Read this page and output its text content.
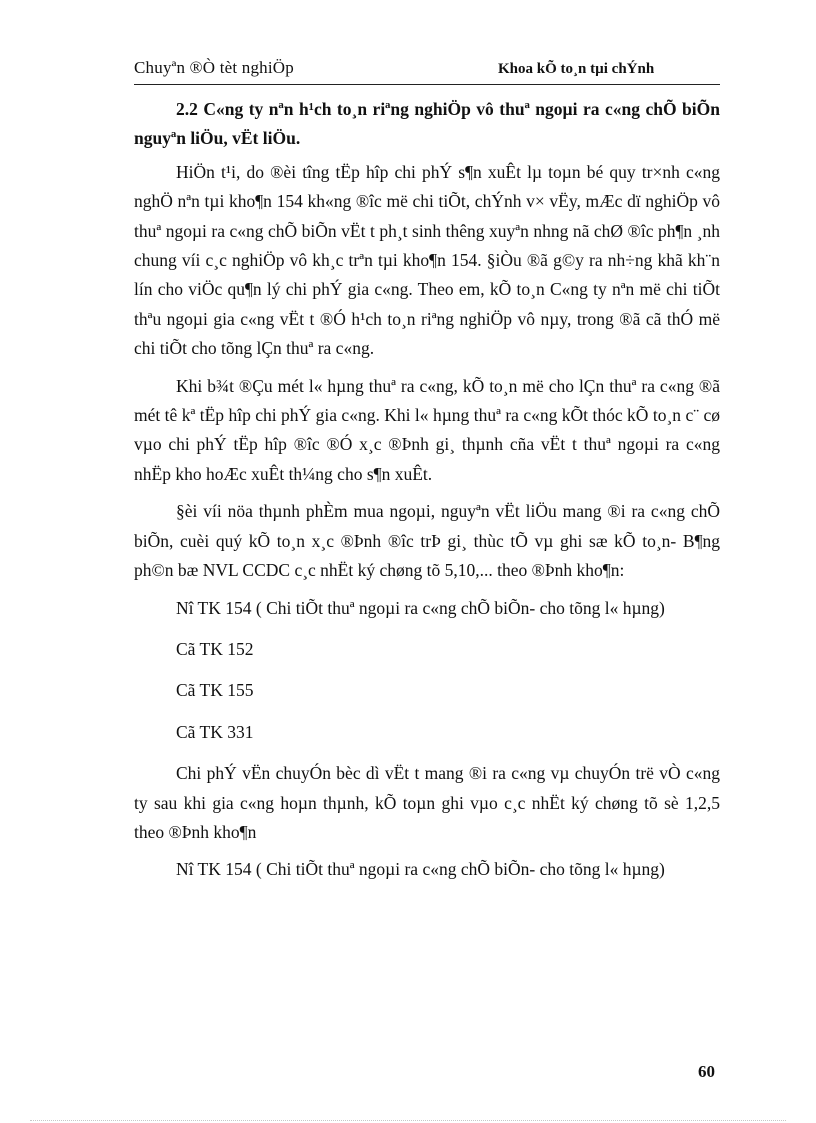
Chuyªn ®Ò tèt nghiÖp	Khoa kÕ to¸n tµi chÝnh

2.2 C«ng ty nªn h¹ch to¸n riªng nghiÖp vô thuª ngoµi ra c«ng chÕ biÕn nguyªn liÖu, vËt liÖu.

HiÖn t¹i, do ®èi tîng tËp hîp chi phÝ s¶n xuÊt lµ toµn bé quy tr×nh c«ng nghÖ nªn tµi kho¶n 154 kh«ng ®îc më chi tiÕt, chÝnh v× vËy, mÆc dï nghiÖp vô thuª ngoµi ra c«ng chÕ biÕn vËt t ph¸t sinh thêng xuyªn nhng nã chØ ®îc ph¶n ¸nh chung víi c¸c nghiÖp vô kh¸c trªn tµi kho¶n 154. §iÒu ®ã g©y ra nh÷ng khã kh¨n lín cho viÖc qu¶n lý chi phÝ gia c«ng. Theo em, kÕ to¸n C«ng ty nªn më chi tiÕt thªu ngoµi gia c«ng vËt t ®Ó h¹ch to¸n riªng nghiÖp vô nµy, trong ®ã cã thÓ më chi tiÕt cho tõng lÇn thuª ra c«ng.

Khi b¾t ®Çu mét l« hµng thuª ra c«ng, kÕ to¸n më cho lÇn thuª ra c«ng ®ã mét tê kª tËp hîp chi phÝ gia c«ng. Khi l« hµng thuª ra c«ng kÕt thóc kÕ to¸n c¨ cø vµo chi phÝ tËp hîp ®îc ®Ó x¸c ®Þnh gi¸ thµnh cña vËt t thuª ngoµi ra c«ng nhËp kho hoÆc xuÊt th¼ng cho s¶n xuÊt.

§èi víi nöa thµnh phÈm mua ngoµi, nguyªn vËt liÖu mang ®i ra c«ng chÕ biÕn, cuèi quý kÕ to¸n x¸c ®Þnh ®îc trÞ gi¸ thùc tÕ vµ ghi sæ kÕ to¸n- B¶ng ph©n bæ NVL CCDC c¸c nhËt ký chøng tõ 5,10,... theo ®Þnh kho¶n:

Nî TK 154 ( Chi tiÕt thuª ngoµi ra c«ng chÕ biÕn- cho tõng l« hµng)

Cã TK 152

Cã TK 155

Cã TK 331

Chi phÝ vËn chuyÓn bèc dì vËt t mang ®i ra c«ng vµ chuyÓn trë vÒ c«ng ty sau khi gia c«ng hoµn thµnh, kÕ toµn ghi vµo c¸c nhËt ký chøng tõ sè 1,2,5 theo ®Þnh kho¶n

Nî TK 154 ( Chi tiÕt thuª ngoµi ra c«ng chÕ biÕn- cho tõng l« hµng)

60
